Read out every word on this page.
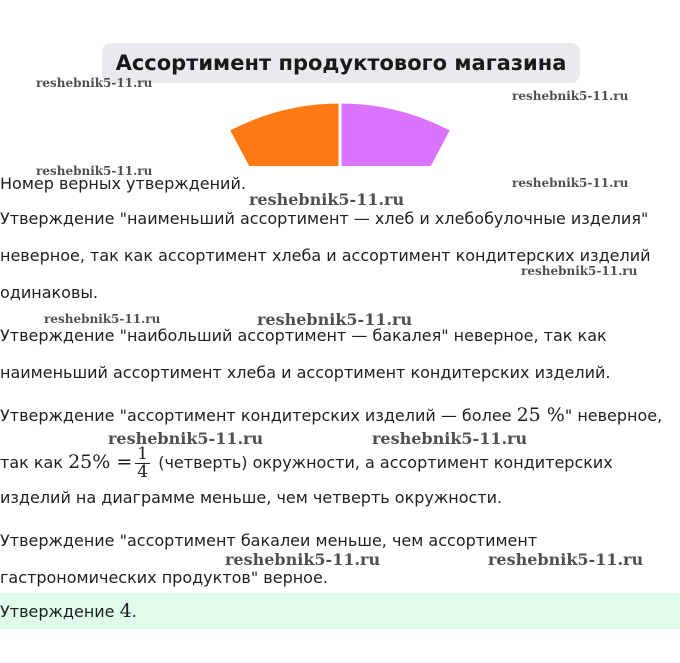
Ассортимент продуктового магазина
Номер верных утверждений.
Утверждение "наименьший ассортимент — хлеб и хлебобулочные изделия"
неверное, так как ассортимент хлеба и ассортимент кондитерских изделий
одинаковы.
Утверждение "наибольший ассортимент — бакалея" неверное, так как
наименьший ассортимент хлеба и ассортимент кондитерских изделий.
Утверждение "ассортимент кондитерских изделий — более 25 %" неверное,
так как $25\% = \frac{1}{4}$ (четверть) окружности, а ассортимент кондитерских
изделий на диаграмме меньше, чем четверть окружности.
Утверждение "ассортимент бакалеи меньше, чем ассортимент
гастрономических продуктов" верное.
Утверждение 4.
reshebnik5-11.ru
reshebnik5-11.ru
reshebnik5-11.ru
reshebnik5-11.ru
reshebnik5-11.ru
reshebnik5-11.ru
reshebnik5-11.ru	reshebnik5-11.ru
reshebnik5-11.ru	reshebnik5-11.ru
reshebnik5-11.ru	reshebnik5-11.ru
